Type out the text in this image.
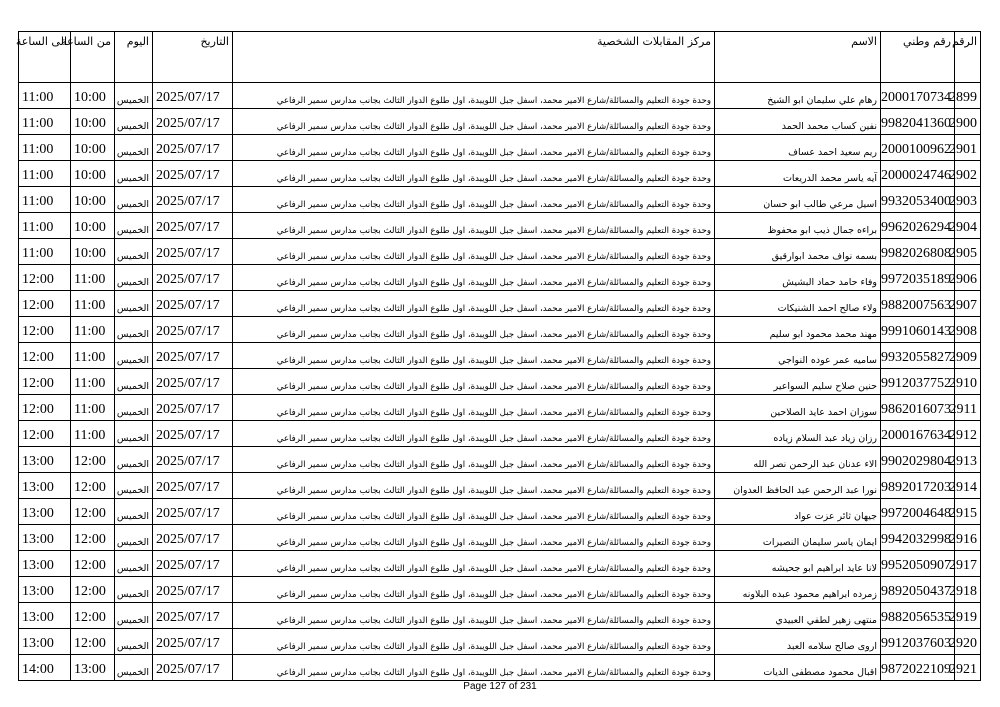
الرقم	رقم وطني	الاسم	مركز المقابلات الشخصية	التاريخ	اليوم	من الساعة	الى الساعة
2899	2000170734	رهام علي سليمان ابو الشيخ	وحدة جودة التعليم والمسائلة/شارع الامير محمد، اسفل جبل اللويبدة، اول طلوع الدوار الثالث بجانب مدارس سمير الرفاعي	2025/07/17	الخميس	10:00	11:00
2900	9982041360	نفين كساب محمد الحمد	وحدة جودة التعليم والمسائلة/شارع الامير محمد، اسفل جبل اللويبدة، اول طلوع الدوار الثالث بجانب مدارس سمير الرفاعي	2025/07/17	الخميس	10:00	11:00
2901	2000100962	ريم سعيد احمد عساف	وحدة جودة التعليم والمسائلة/شارع الامير محمد، اسفل جبل اللويبدة، اول طلوع الدوار الثالث بجانب مدارس سمير الرفاعي	2025/07/17	الخميس	10:00	11:00
2902	2000024746	آيه ياسر محمد الدريعات	وحدة جودة التعليم والمسائلة/شارع الامير محمد، اسفل جبل اللويبدة، اول طلوع الدوار الثالث بجانب مدارس سمير الرفاعي	2025/07/17	الخميس	10:00	11:00
2903	9932053400	اسيل مرعي طالب ابو حسان	وحدة جودة التعليم والمسائلة/شارع الامير محمد، اسفل جبل اللويبدة، اول طلوع الدوار الثالث بجانب مدارس سمير الرفاعي	2025/07/17	الخميس	10:00	11:00
2904	9962026294	براءه جمال ذيب ابو محفوظ	وحدة جودة التعليم والمسائلة/شارع الامير محمد، اسفل جبل اللويبدة، اول طلوع الدوار الثالث بجانب مدارس سمير الرفاعي	2025/07/17	الخميس	10:00	11:00
2905	9982026808	بسمه نواف محمد ابوارقيق	وحدة جودة التعليم والمسائلة/شارع الامير محمد، اسفل جبل اللويبدة، اول طلوع الدوار الثالث بجانب مدارس سمير الرفاعي	2025/07/17	الخميس	10:00	11:00
2906	9972035189	وفاء حامد حماد البشيش	وحدة جودة التعليم والمسائلة/شارع الامير محمد، اسفل جبل اللويبدة، اول طلوع الدوار الثالث بجانب مدارس سمير الرفاعي	2025/07/17	الخميس	11:00	12:00
2907	9882007563	ولاء صالح احمد الشنيكات	وحدة جودة التعليم والمسائلة/شارع الامير محمد، اسفل جبل اللويبدة، اول طلوع الدوار الثالث بجانب مدارس سمير الرفاعي	2025/07/17	الخميس	11:00	12:00
2908	9991060143	مهند محمد محمود ابو سليم	وحدة جودة التعليم والمسائلة/شارع الامير محمد، اسفل جبل اللويبدة، اول طلوع الدوار الثالث بجانب مدارس سمير الرفاعي	2025/07/17	الخميس	11:00	12:00
2909	9932055827	ساميه عمر عوده النواجي	وحدة جودة التعليم والمسائلة/شارع الامير محمد، اسفل جبل اللويبدة، اول طلوع الدوار الثالث بجانب مدارس سمير الرفاعي	2025/07/17	الخميس	11:00	12:00
2910	9912037752	حنين صلاح سليم السواعير	وحدة جودة التعليم والمسائلة/شارع الامير محمد، اسفل جبل اللويبدة، اول طلوع الدوار الثالث بجانب مدارس سمير الرفاعي	2025/07/17	الخميس	11:00	12:00
2911	9862016073	سوزان احمد عايد الصلاحين	وحدة جودة التعليم والمسائلة/شارع الامير محمد، اسفل جبل اللويبدة، اول طلوع الدوار الثالث بجانب مدارس سمير الرفاعي	2025/07/17	الخميس	11:00	12:00
2912	2000167634	رزان زياد عبد السلام زياده	وحدة جودة التعليم والمسائلة/شارع الامير محمد، اسفل جبل اللويبدة، اول طلوع الدوار الثالث بجانب مدارس سمير الرفاعي	2025/07/17	الخميس	11:00	12:00
2913	9902029804	الاء عدنان عبد الرحمن نصر الله	وحدة جودة التعليم والمسائلة/شارع الامير محمد، اسفل جبل اللويبدة، اول طلوع الدوار الثالث بجانب مدارس سمير الرفاعي	2025/07/17	الخميس	12:00	13:00
2914	9892017203	نورا عبد الرحمن عبد الحافظ العدوان	وحدة جودة التعليم والمسائلة/شارع الامير محمد، اسفل جبل اللويبدة، اول طلوع الدوار الثالث بجانب مدارس سمير الرفاعي	2025/07/17	الخميس	12:00	13:00
2915	9972004648	جيهان ثائر عزت عواد	وحدة جودة التعليم والمسائلة/شارع الامير محمد، اسفل جبل اللويبدة، اول طلوع الدوار الثالث بجانب مدارس سمير الرفاعي	2025/07/17	الخميس	12:00	13:00
2916	9942032998	ايمان ياسر سليمان النصيرات	وحدة جودة التعليم والمسائلة/شارع الامير محمد، اسفل جبل اللويبدة، اول طلوع الدوار الثالث بجانب مدارس سمير الرفاعي	2025/07/17	الخميس	12:00	13:00
2917	9952050907	لانا عايد ابراهيم ابو جحيشه	وحدة جودة التعليم والمسائلة/شارع الامير محمد، اسفل جبل اللويبدة، اول طلوع الدوار الثالث بجانب مدارس سمير الرفاعي	2025/07/17	الخميس	12:00	13:00
2918	9892050437	زمرده ابراهيم محمود عبده البلاونه	وحدة جودة التعليم والمسائلة/شارع الامير محمد، اسفل جبل اللويبدة، اول طلوع الدوار الثالث بجانب مدارس سمير الرفاعي	2025/07/17	الخميس	12:00	13:00
2919	9882056535	منتهى زهير لطفي العبيدي	وحدة جودة التعليم والمسائلة/شارع الامير محمد، اسفل جبل اللويبدة، اول طلوع الدوار الثالث بجانب مدارس سمير الرفاعي	2025/07/17	الخميس	12:00	13:00
2920	9912037603	اروى صالح سلامه العبد	وحدة جودة التعليم والمسائلة/شارع الامير محمد، اسفل جبل اللويبدة، اول طلوع الدوار الثالث بجانب مدارس سمير الرفاعي	2025/07/17	الخميس	12:00	13:00
2921	9872022109	اقبال محمود مصطفى الديات	وحدة جودة التعليم والمسائلة/شارع الامير محمد، اسفل جبل اللويبدة، اول طلوع الدوار الثالث بجانب مدارس سمير الرفاعي	2025/07/17	الخميس	13:00	14:00
Page 127 of 231
